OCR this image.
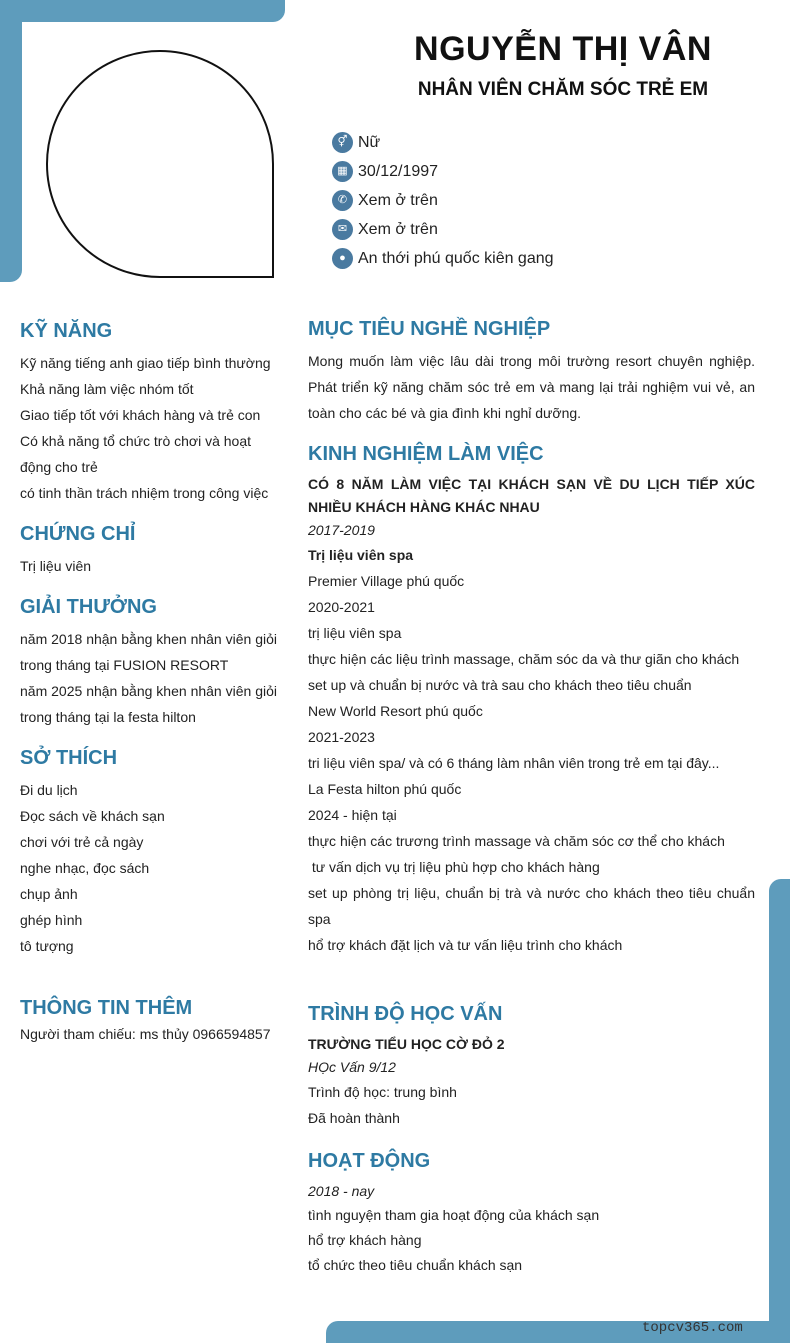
NGUYỄN THỊ VÂN
NHÂN VIÊN CHĂM SÓC TRẺ EM
⚥ Nữ
▦ 30/12/1997
✆ Xem ở trên
✉ Xem ở trên
● An thới phú quốc kiên gang
KỸ NĂNG

Kỹ năng tiếng anh giao tiếp bình thường

Khả năng làm việc nhóm tốt

Giao tiếp tốt với khách hàng và trẻ con

Có khả năng tổ chức trò chơi và hoạt động cho trẻ

có tinh thần trách nhiệm trong công việc

CHỨNG CHỈ

Trị liệu viên

GIẢI THƯỞNG

năm 2018 nhận bằng khen nhân viên giỏi trong tháng tại FUSION RESORT

năm 2025 nhận bằng khen nhân viên giỏi trong tháng tại la festa hilton

SỞ THÍCH

Đi du lịch

Đọc sách về khách sạn

chơi với trẻ cả ngày

nghe nhạc, đọc sách

chụp ảnh

ghép hình

tô tượng

THÔNG TIN THÊM

Người tham chiếu: ms thủy 0966594857

MỤC TIÊU NGHỀ NGHIỆP

Mong muốn làm việc lâu dài trong môi trường resort chuyên nghiệp. Phát triển kỹ năng chăm sóc trẻ em và mang lại trải nghiệm vui vẻ, an toàn cho các bé và gia đình khi nghỉ dưỡng.

KINH NGHIỆM LÀM VIỆC

CÓ 8 NĂM LÀM VIỆC TẠI KHÁCH SẠN VỀ DU LỊCH TIẾP XÚC NHIỀU KHÁCH HÀNG KHÁC NHAU

2017-2019

Trị liệu viên spa

Premier Village phú quốc

2020-2021

trị liệu viên spa

thực hiện các liệu trình massage, chăm sóc da và thư giãn cho khách

set up và chuẩn bị nước và trà sau cho khách theo tiêu chuẩn

New World Resort phú quốc

2021-2023

tri liệu viên spa/ và có 6 tháng làm nhân viên trong trẻ em tại đây...

La Festa hilton phú quốc

2024 - hiện tại

thực hiện các trương trình massage và chăm sóc cơ thể cho khách

tư vấn dịch vụ trị liệu phù hợp cho khách hàng

set up phòng trị liệu, chuẩn bị trà và nước cho khách theo tiêu chuẩn spa

hổ trợ khách đặt lịch và tư vấn liệu trình cho khách

TRÌNH ĐỘ HỌC VẤN

TRƯỜNG TIỂU HỌC CỜ ĐỎ 2

HỌc Vấn 9/12

Trình độ học: trung bình

Đã hoàn thành

HOẠT ĐỘNG

2018 - nay

tình nguyện tham gia hoạt động của khách sạn

hổ trợ khách hàng

tổ chức theo tiêu chuẩn khách sạn

topcv365.com
